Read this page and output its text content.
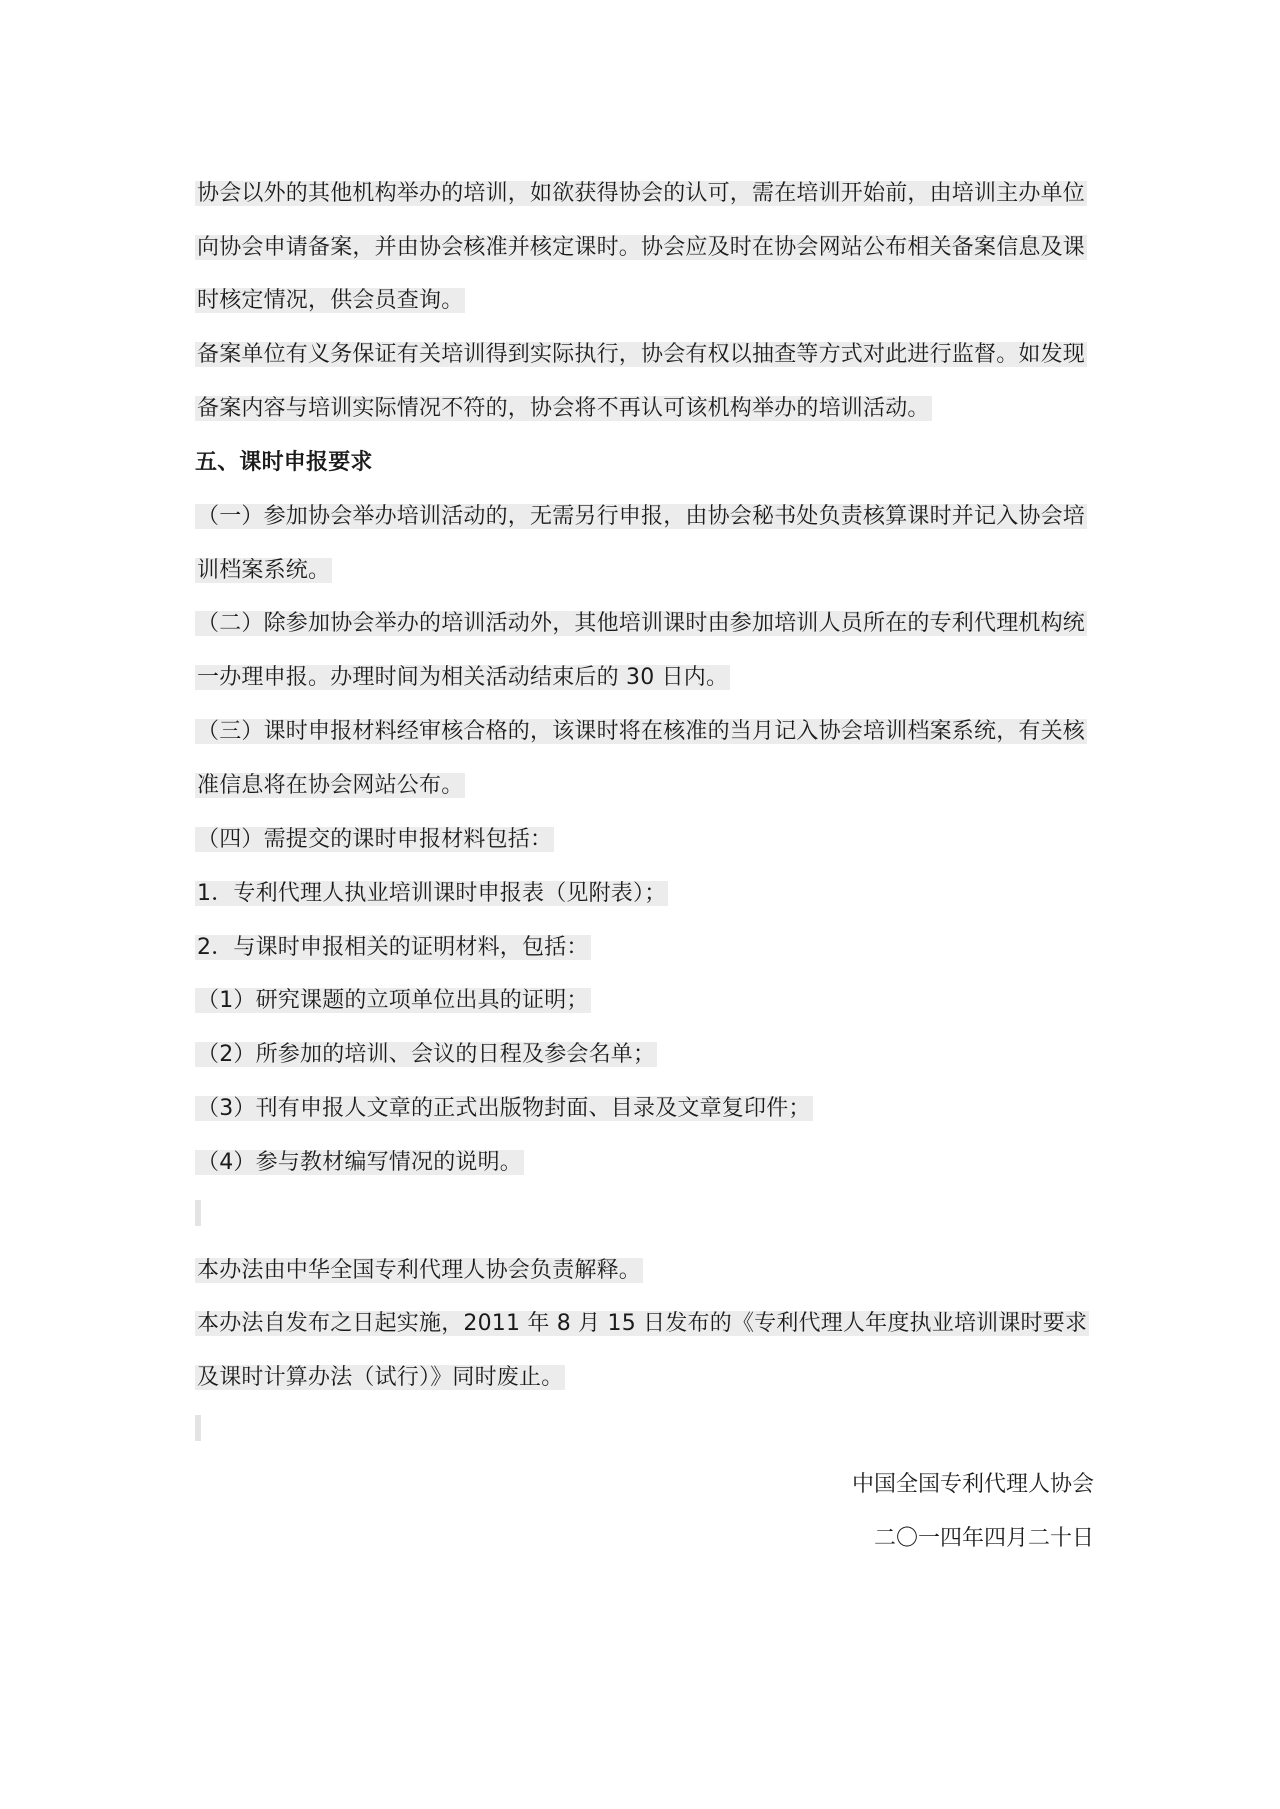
协会以外的其他机构举办的培训，如欲获得协会的认可，需在培训开始前，由培训主办单位
向协会申请备案，并由协会核准并核定课时。协会应及时在协会网站公布相关备案信息及课
时核定情况，供会员查询。
备案单位有义务保证有关培训得到实际执行，协会有权以抽查等方式对此进行监督。如发现
备案内容与培训实际情况不符的，协会将不再认可该机构举办的培训活动。
五、课时申报要求
（一）参加协会举办培训活动的，无需另行申报，由协会秘书处负责核算课时并记入协会培
训档案系统。
（二）除参加协会举办的培训活动外，其他培训课时由参加培训人员所在的专利代理机构统
一办理申报。办理时间为相关活动结束后的 30 日内。
（三）课时申报材料经审核合格的，该课时将在核准的当月记入协会培训档案系统，有关核
准信息将在协会网站公布。
（四）需提交的课时申报材料包括：
1．专利代理人执业培训课时申报表（见附表）；
2．与课时申报相关的证明材料，包括：
（1）研究课题的立项单位出具的证明；
（2）所参加的培训、会议的日程及参会名单；
（3）刊有申报人文章的正式出版物封面、目录及文章复印件；
（4）参与教材编写情况的说明。
本办法由中华全国专利代理人协会负责解释。
本办法自发布之日起实施，2011 年 8 月 15 日发布的《专利代理人年度执业培训课时要求
及课时计算办法（试行）》同时废止。
中国全国专利代理人协会
二〇一四年四月二十日
